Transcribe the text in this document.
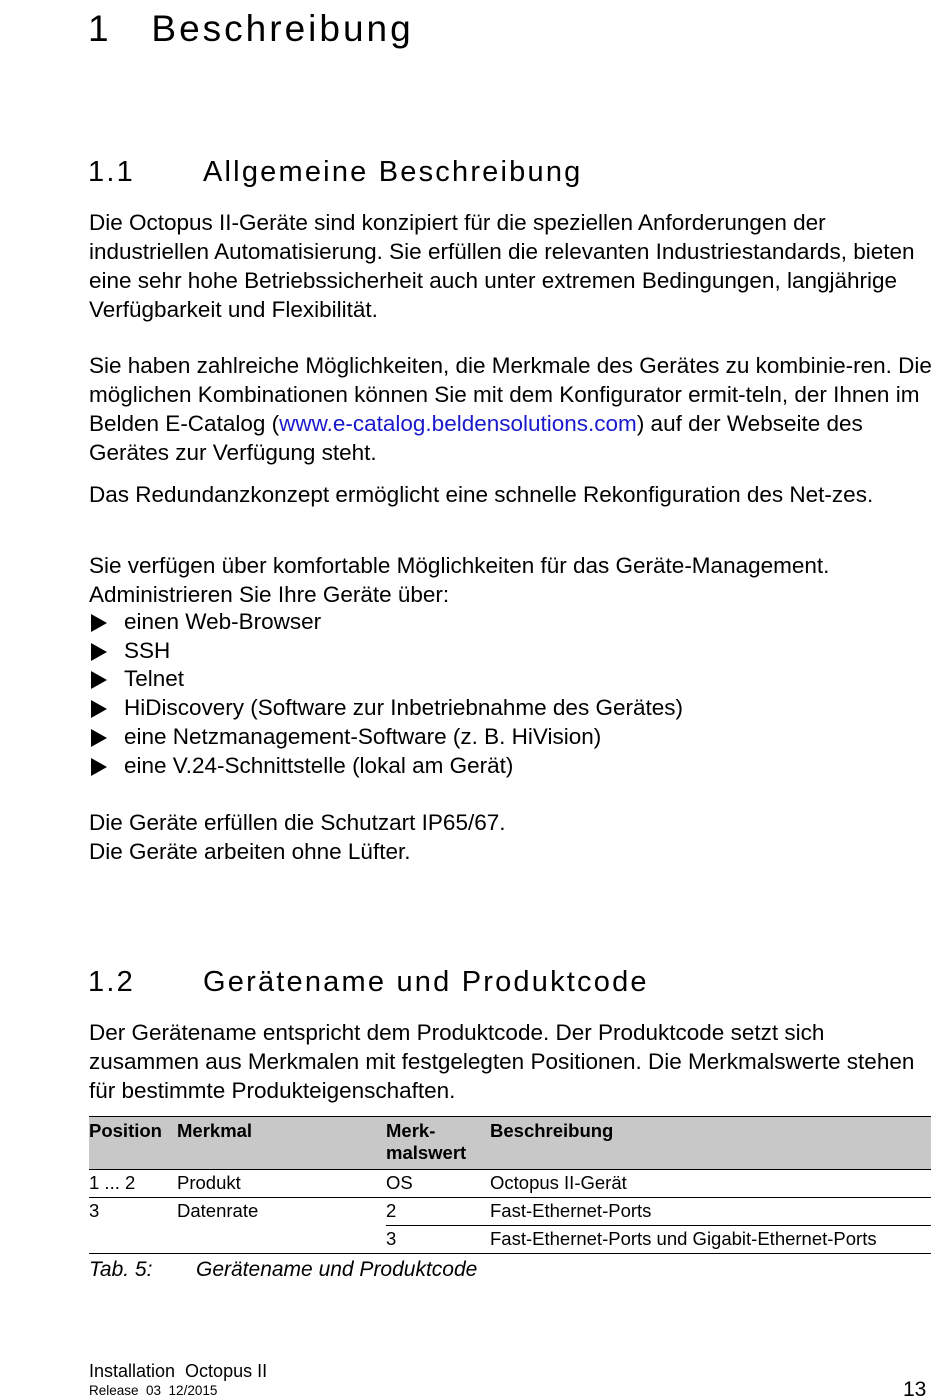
1 Beschreibung
1.1 Allgemeine Beschreibung

Die Octopus II-Geräte sind konzipiert für die speziellen Anforderungen der industriellen Automatisierung. Sie erfüllen die relevanten Industriestandards, bieten eine sehr hohe Betriebssicherheit auch unter extremen Bedingungen, langjährige Verfügbarkeit und Flexibilität.

Sie haben zahlreiche Möglichkeiten, die Merkmale des Gerätes zu kombinie-ren. Die möglichen Kombinationen können Sie mit dem Konfigurator ermit-teln, der Ihnen im Belden E-Catalog (www.e-catalog.beldensolutions.com) auf der Webseite des Gerätes zur Verfügung steht.

Das Redundanzkonzept ermöglicht eine schnelle Rekonfiguration des Net-zes.

Sie verfügen über komfortable Möglichkeiten für das Geräte-Management.

Administrieren Sie Ihre Geräte über:

einen Web-Browser
SSH
Telnet
HiDiscovery (Software zur Inbetriebnahme des Gerätes)
eine Netzmanagement-Software (z. B. HiVision)
eine V.24-Schnittstelle (lokal am Gerät)

Die Geräte erfüllen die Schutzart IP65/67.

Die Geräte arbeiten ohne Lüfter.

1.2 Gerätename und Produktcode

Der Gerätename entspricht dem Produktcode. Der Produktcode setzt sich zusammen aus Merkmalen mit festgelegten Positionen. Die Merkmalswerte stehen für bestimmte Produkteigenschaften.

Position	Merkmal	Merk-
malswert	Beschreibung
1 ... 2	Produkt	OS	Octopus II-Gerät
3	Datenrate	2	Fast-Ethernet-Ports
		3	Fast-Ethernet-Ports und Gigabit-Ethernet-Ports
Tab. 5: Gerätename und Produktcode
Installation  Octopus II
Release  03  12/2015	13
